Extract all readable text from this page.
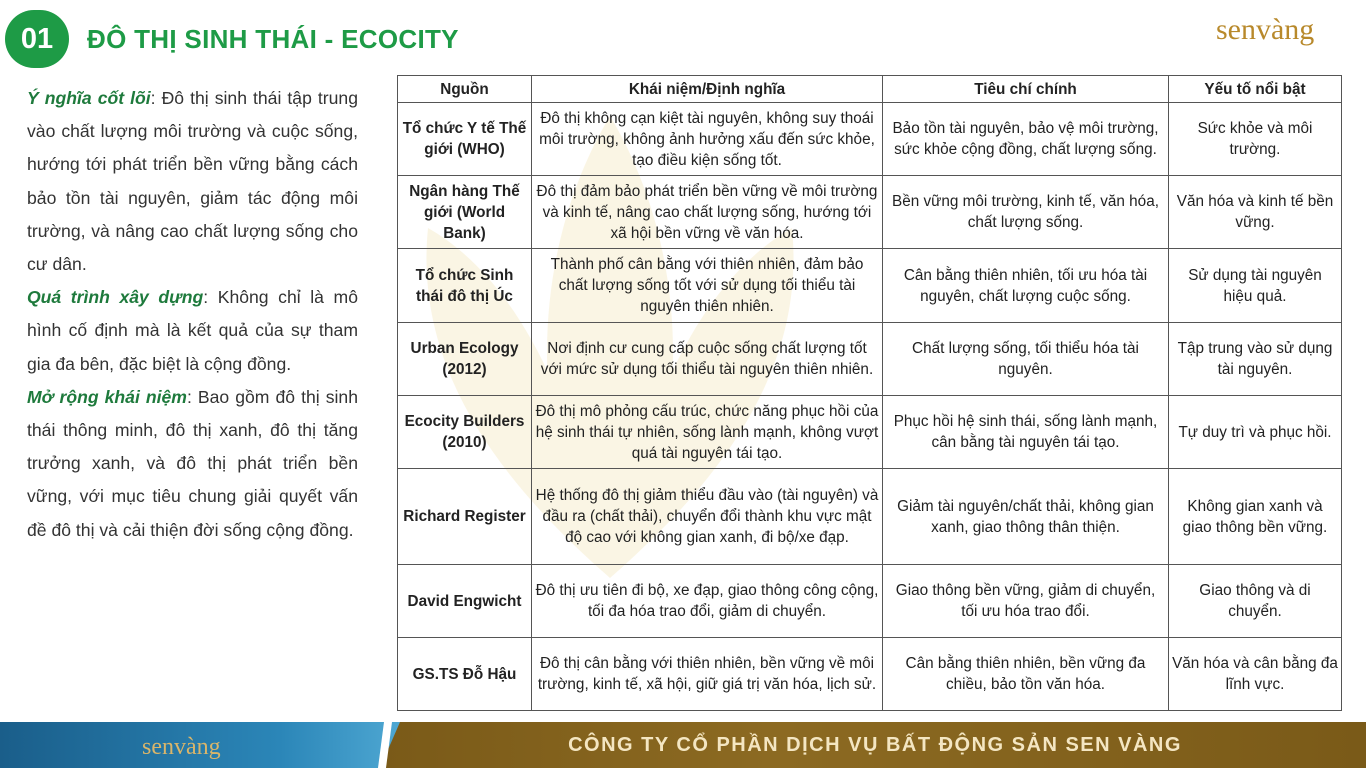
01	ĐÔ THỊ SINH THÁI - ECOCITY	senvàng

Ý nghĩa cốt lõi: Đô thị sinh thái tập trung vào chất lượng môi trường và cuộc sống, hướng tới phát triển bền vững bằng cách bảo tồn tài nguyên, giảm tác động môi trường, và nâng cao chất lượng sống cho cư dân.

Quá trình xây dựng: Không chỉ là mô hình cố định mà là kết quả của sự tham gia đa bên, đặc biệt là cộng đồng.

Mở rộng khái niệm: Bao gồm đô thị sinh thái thông minh, đô thị xanh, đô thị tăng trưởng xanh, và đô thị phát triển bền vững, với mục tiêu chung giải quyết vấn đề đô thị và cải thiện đời sống cộng đồng.

Nguồn	Khái niệm/Định nghĩa	Tiêu chí chính	Yếu tố nổi bật
Tổ chức Y tế Thế giới (WHO)	Đô thị không cạn kiệt tài nguyên, không suy thoái môi trường, không ảnh hưởng xấu đến sức khỏe, tạo điều kiện sống tốt.	Bảo tồn tài nguyên, bảo vệ môi trường, sức khỏe cộng đồng, chất lượng sống.	Sức khỏe và môi trường.
Ngân hàng Thế giới (World Bank)	Đô thị đảm bảo phát triển bền vững về môi trường và kinh tế, nâng cao chất lượng sống, hướng tới xã hội bền vững về văn hóa.	Bền vững môi trường, kinh tế, văn hóa, chất lượng sống.	Văn hóa và kinh tế bền vững.
Tổ chức Sinh thái đô thị Úc	Thành phố cân bằng với thiên nhiên, đảm bảo chất lượng sống tốt với sử dụng tối thiểu tài nguyên thiên nhiên.	Cân bằng thiên nhiên, tối ưu hóa tài nguyên, chất lượng cuộc sống.	Sử dụng tài nguyên hiệu quả.
Urban Ecology (2012)	Nơi định cư cung cấp cuộc sống chất lượng tốt với mức sử dụng tối thiểu tài nguyên thiên nhiên.	Chất lượng sống, tối thiểu hóa tài nguyên.	Tập trung vào sử dụng tài nguyên.
Ecocity Builders (2010)	Đô thị mô phỏng cấu trúc, chức năng phục hồi của hệ sinh thái tự nhiên, sống lành mạnh, không vượt quá tài nguyên tái tạo.	Phục hồi hệ sinh thái, sống lành mạnh, cân bằng tài nguyên tái tạo.	Tự duy trì và phục hồi.
Richard Register	Hệ thống đô thị giảm thiểu đầu vào (tài nguyên) và đầu ra (chất thải), chuyển đổi thành khu vực mật độ cao với không gian xanh, đi bộ/xe đạp.	Giảm tài nguyên/chất thải, không gian xanh, giao thông thân thiện.	Không gian xanh và giao thông bền vững.
David Engwicht	Đô thị ưu tiên đi bộ, xe đạp, giao thông công cộng, tối đa hóa trao đổi, giảm di chuyển.	Giao thông bền vững, giảm di chuyển, tối ưu hóa trao đổi.	Giao thông và di chuyển.
GS.TS Đỗ Hậu	Đô thị cân bằng với thiên nhiên, bền vững về môi trường, kinh tế, xã hội, giữ giá trị văn hóa, lịch sử.	Cân bằng thiên nhiên, bền vững đa chiều, bảo tồn văn hóa.	Văn hóa và cân bằng đa lĩnh vực.
senvàng	CÔNG TY CỔ PHẦN DỊCH VỤ BẤT ĐỘNG SẢN SEN VÀNG
